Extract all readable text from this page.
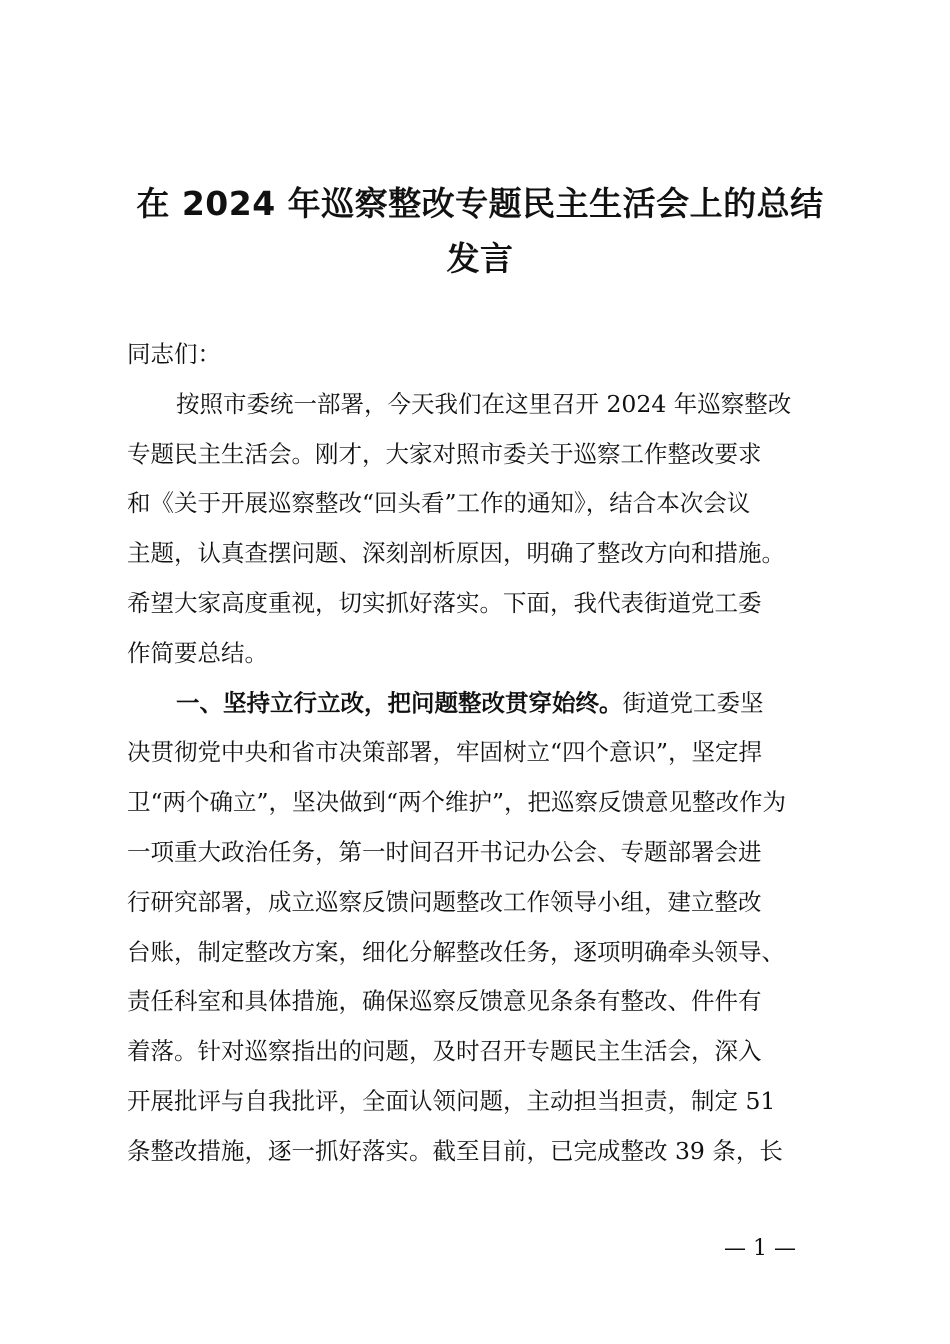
在 2024 年巡察整改专题民主生活会上的总结
发言
同志们：
按照市委统一部署，今天我们在这里召开 2024 年巡察整改
专题民主生活会。刚才，大家对照市委关于巡察工作整改要求
和《关于开展巡察整改“回头看”工作的通知》，结合本次会议
主题，认真查摆问题、深刻剖析原因，明确了整改方向和措施。
希望大家高度重视，切实抓好落实。下面，我代表街道党工委
作简要总结。
一、坚持立行立改，把问题整改贯穿始终。街道党工委坚
决贯彻党中央和省市决策部署，牢固树立“四个意识”，坚定捍
卫“两个确立”，坚决做到“两个维护”，把巡察反馈意见整改作为
一项重大政治任务，第一时间召开书记办公会、专题部署会进
行研究部署，成立巡察反馈问题整改工作领导小组，建立整改
台账，制定整改方案，细化分解整改任务，逐项明确牵头领导、
责任科室和具体措施，确保巡察反馈意见条条有整改、件件有
着落。针对巡察指出的问题，及时召开专题民主生活会，深入
开展批评与自我批评，全面认领问题，主动担当担责，制定 51
条整改措施，逐一抓好落实。截至目前，已完成整改 39 条，长
— 1 —
